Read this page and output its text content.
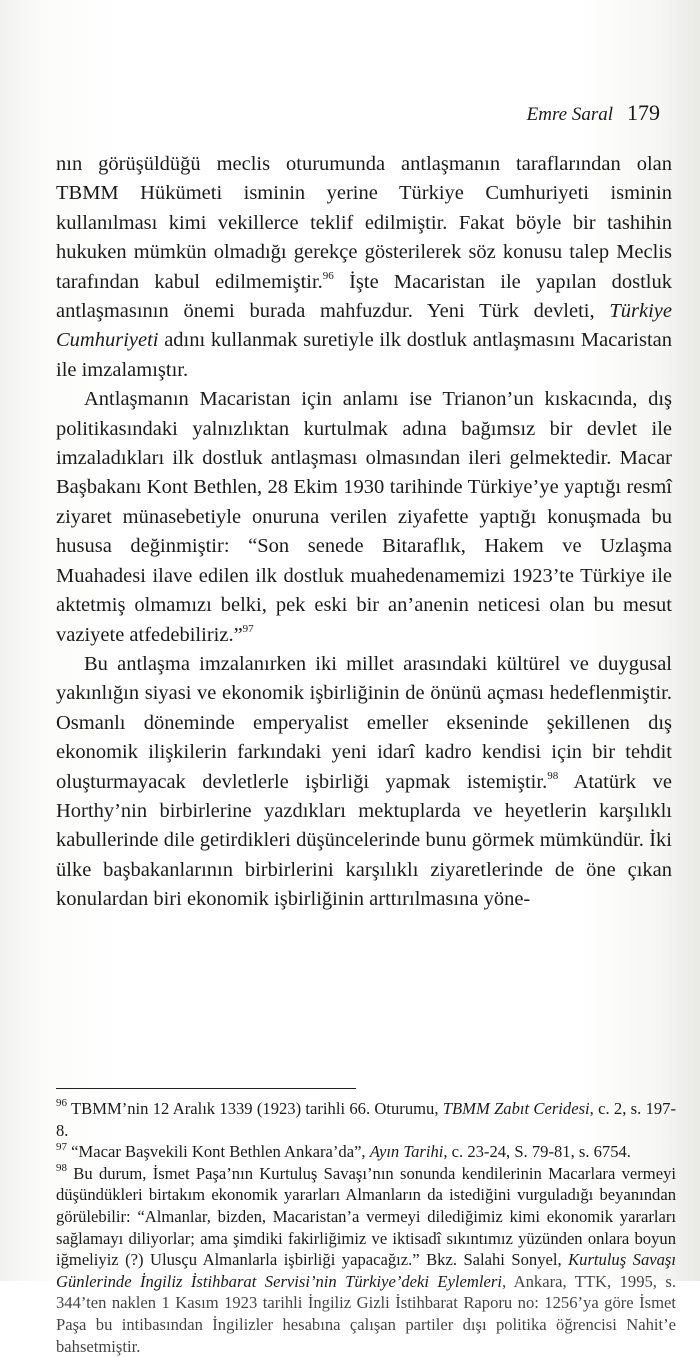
Emre Saral 179

nın görüşüldüğü meclis oturumunda antlaşmanın taraflarından olan TBMM Hükümeti isminin yerine Türkiye Cumhuriyeti isminin kullanılması kimi vekillerce teklif edilmiştir. Fakat böyle bir tashihin hukuken mümkün olmadığı gerekçe gösterilerek söz konusu talep Meclis tarafından kabul edilmemiştir.$^{96}$ İşte Macaristan ile yapılan dostluk antlaşmasının önemi burada mahfuzdur. Yeni Türk devleti, Türkiye Cumhuriyeti adını kullanmak suretiyle ilk dostluk antlaşmasını Macaristan ile imzalamıştır.

Antlaşmanın Macaristan için anlamı ise Trianon’un kıskacında, dış politikasındaki yalnızlıktan kurtulmak adına bağımsız bir devlet ile imzaladıkları ilk dostluk antlaşması olmasından ileri gelmektedir. Macar Başbakanı Kont Bethlen, 28 Ekim 1930 tarihinde Türkiye’ye yaptığı resmî ziyaret münasebetiyle onuruna verilen ziyafette yaptığı konuşmada bu hususa değinmiştir: “Son senede Bitaraflık, Hakem ve Uzlaşma Muahadesi ilave edilen ilk dostluk muahedenamemizi 1923’te Türkiye ile aktetmiş olmamızı belki, pek eski bir an’anenin neticesi olan bu mesut vaziyete atfedebiliriz.”$^{97}$

Bu antlaşma imzalanırken iki millet arasındaki kültürel ve duygusal yakınlığın siyasi ve ekonomik işbirliğinin de önünü açması hedeflenmiştir. Osmanlı döneminde emperyalist emeller ekseninde şekillenen dış ekonomik ilişkilerin farkındaki yeni idarî kadro kendisi için bir tehdit oluşturmayacak devletlerle işbirliği yapmak istemiştir.$^{98}$ Atatürk ve Horthy’nin birbirlerine yazdıkları mektuplarda ve heyetlerin karşılıklı kabullerinde dile getirdikleri düşüncelerinde bunu görmek mümkündür. İki ülke başbakanlarının birbirlerini karşılıklı ziyaretlerinde de öne çıkan konulardan biri ekonomik işbirliğinin arttırılmasına yöne-

$^{96}$ TBMM’nin 12 Aralık 1339 (1923) tarihli 66. Oturumu, TBMM Zabıt Ceridesi, c. 2, s. 197-8.

$^{97}$ “Macar Başvekili Kont Bethlen Ankara’da”, Ayın Tarihi, c. 23-24, S. 79-81, s. 6754.

$^{98}$ Bu durum, İsmet Paşa’nın Kurtuluş Savaşı’nın sonunda kendilerinin Macarlara vermeyi düşündükleri birtakım ekonomik yararları Almanların da istediğini vurguladığı beyanından görülebilir: “Almanlar, bizden, Macaristan’a vermeyi dilediğimiz kimi ekonomik yararları sağlamayı diliyorlar; ama şimdiki fakirliğimiz ve iktisadî sıkıntımız yüzünden onlara boyun iğmeliyiz (?) Ulusçu Almanlarla işbirliği yapacağız.” Bkz. Salahi Sonyel, Kurtuluş Savaşı Günlerinde İngiliz İstihbarat Servisi’nin Türkiye’deki Eylemleri, Ankara, TTK, 1995, s. 344’ten naklen 1 Kasım 1923 tarihli İngiliz Gizli İstihbarat Raporu no: 1256’ya göre İsmet Paşa bu intibasından İngilizler hesabına çalışan partiler dışı politika öğrencisi Nahit’e bahsetmiştir.
